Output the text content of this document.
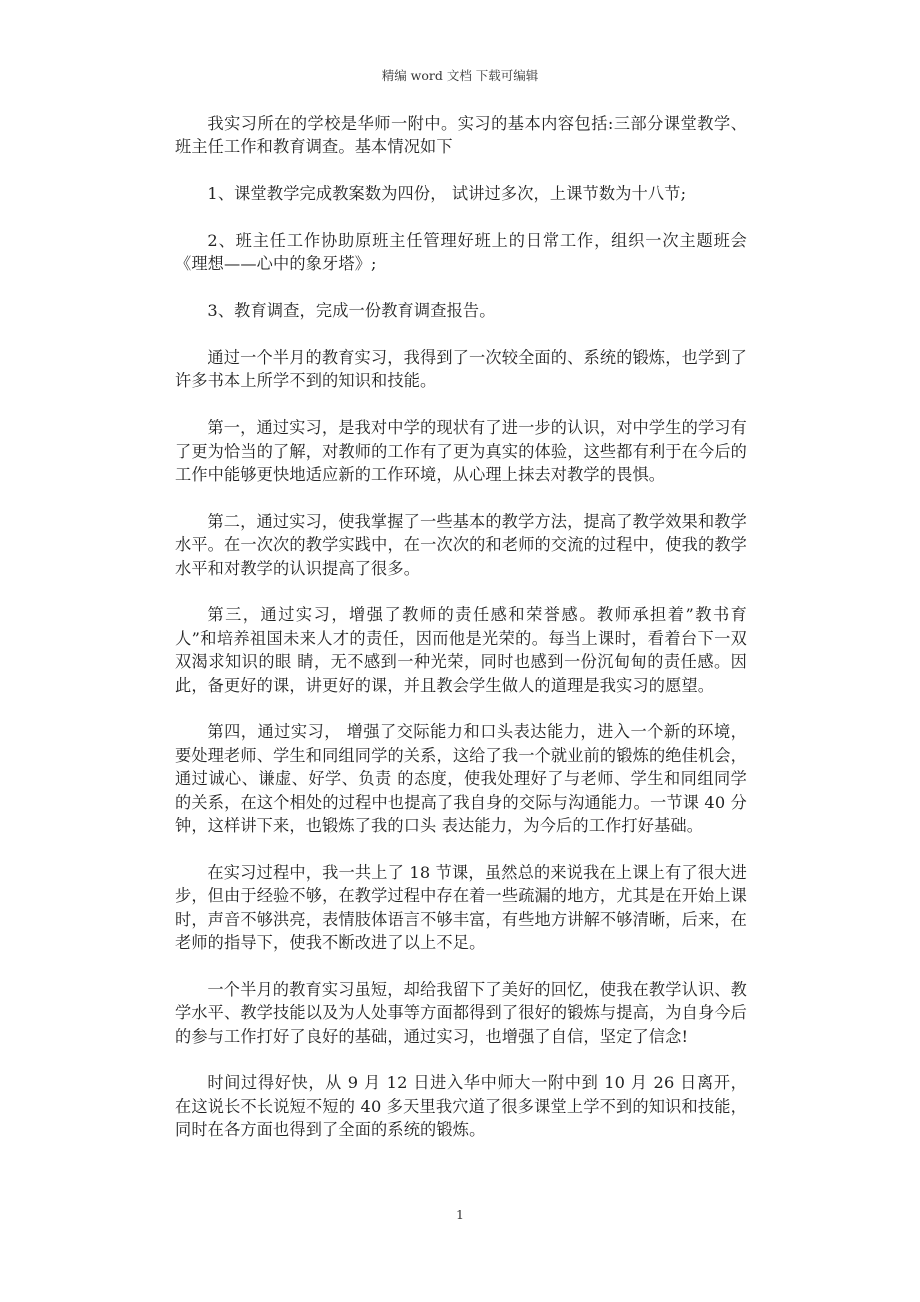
精编 word 文档 下载可编辑

我实习所在的学校是华师一附中。实习的基本内容包括:三部分课堂教学、班主任工作和教育调查。基本情况如下

1、课堂教学完成教案数为四份， 试讲过多次，上课节数为十八节;

2、班主任工作协助原班主任管理好班上的日常工作，组织一次主题班会《理想——心中的象牙塔》;

3、教育调查，完成一份教育调查报告。

通过一个半月的教育实习，我得到了一次较全面的、系统的锻炼，也学到了许多书本上所学不到的知识和技能。

第一，通过实习，是我对中学的现状有了进一步的认识，对中学生的学习有了更为恰当的了解，对教师的工作有了更为真实的体验，这些都有利于在今后的工作中能够更快地适应新的工作环境，从心理上抹去对教学的畏惧。

第二，通过实习，使我掌握了一些基本的教学方法，提高了教学效果和教学水平。在一次次的教学实践中，在一次次的和老师的交流的过程中，使我的教学水平和对教学的认识提高了很多。

第三，通过实习，增强了教师的责任感和荣誉感。教师承担着”教书育人”和培养祖国未来人才的责任，因而他是光荣的。每当上课时，看着台下一双双渴求知识的眼 睛，无不感到一种光荣，同时也感到一份沉甸甸的责任感。因此，备更好的课，讲更好的课，并且教会学生做人的道理是我实习的愿望。

第四，通过实习， 增强了交际能力和口头表达能力，进入一个新的环境，要处理老师、学生和同组同学的关系，这给了我一个就业前的锻炼的绝佳机会，通过诚心、谦虚、好学、负责 的态度，使我处理好了与老师、学生和同组同学的关系，在这个相处的过程中也提高了我自身的交际与沟通能力。一节课 40 分钟，这样讲下来，也锻炼了我的口头 表达能力，为今后的工作打好基础。

在实习过程中，我一共上了 18 节课，虽然总的来说我在上课上有了很大进步，但由于经验不够，在教学过程中存在着一些疏漏的地方，尤其是在开始上课时，声音不够洪亮，表情肢体语言不够丰富，有些地方讲解不够清晰，后来，在老师的指导下，使我不断改进了以上不足。

一个半月的教育实习虽短，却给我留下了美好的回忆，使我在教学认识、教学水平、教学技能以及为人处事等方面都得到了很好的锻炼与提高，为自身今后的参与工作打好了良好的基础，通过实习，也增强了自信，坚定了信念!

时间过得好快，从 9 月 12 日进入华中师大一附中到 10 月 26 日离开，在这说长不长说短不短的 40 多天里我穴道了很多课堂上学不到的知识和技能，同时在各方面也得到了全面的系统的锻炼。

1
